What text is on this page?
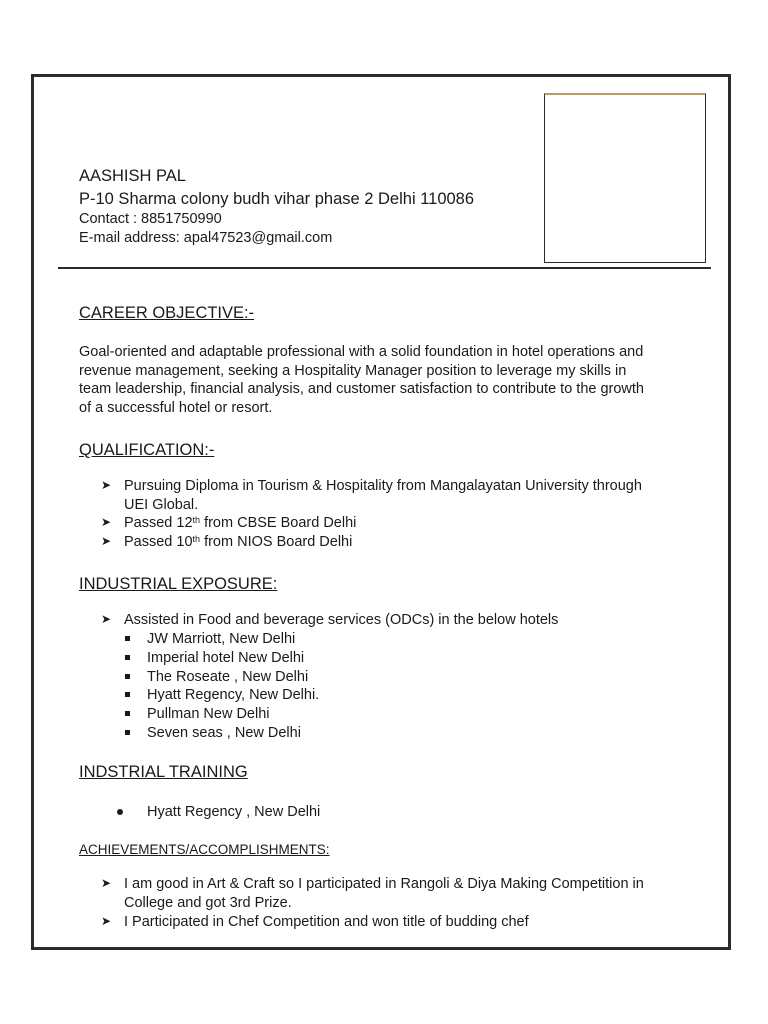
AASHISH PAL
P-10 Sharma colony budh vihar phase 2 Delhi 110086
Contact : 8851750990
E-mail address: apal47523@gmail.com
CAREER OBJECTIVE:-
Goal-oriented and adaptable professional with a solid foundation in hotel operations and
revenue management, seeking a Hospitality Manager position to leverage my skills in
team leadership, financial analysis, and customer satisfaction to contribute to the growth
of a successful hotel or resort.
QUALIFICATION:-
➤ Pursuing Diploma in Tourism & Hospitality from Mangalayatan University through
UEI Global.
➤ Passed 12th from CBSE Board Delhi
➤ Passed 10th from NIOS Board Delhi
INDUSTRIAL EXPOSURE:
➤ Assisted in Food and beverage services (ODCs) in the below hotels
JW Marriott, New Delhi
Imperial hotel New Delhi
The Roseate , New Delhi
Hyatt Regency, New Delhi.
Pullman New Delhi
Seven seas , New Delhi
INDSTRIAL TRAINING
Hyatt Regency , New Delhi
ACHIEVEMENTS/ACCOMPLISHMENTS:
➤ I am good in Art & Craft so I participated in Rangoli & Diya Making Competition in
College and got 3rd Prize.
➤ I Participated in Chef Competition and won title of budding chef
